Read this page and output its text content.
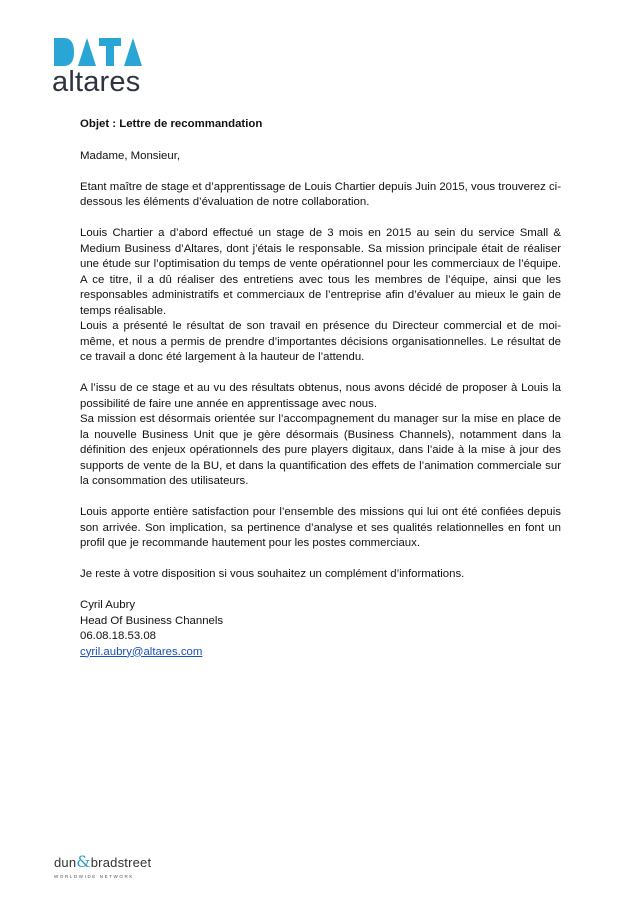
altares
Objet : Lettre de recommandation
Madame, Monsieur,
Etant maître de stage et d’apprentissage de Louis Chartier depuis Juin 2015, vous trouverez ci-dessous les éléments d’évaluation de notre collaboration.
Louis Chartier a d’abord effectué un stage de 3 mois en 2015 au sein du service Small & Medium Business d’Altares, dont j’étais le responsable. Sa mission principale était de réaliser une étude sur l’optimisation du temps de vente opérationnel pour les commerciaux de l’équipe. A ce titre, il a dû réaliser des entretiens avec tous les membres de l’équipe, ainsi que les responsables administratifs et commerciaux de l’entreprise afin d’évaluer au mieux le gain de temps réalisable.
Louis a présenté le résultat de son travail en présence du Directeur commercial et de moi-même, et nous a permis de prendre d’importantes décisions organisationnelles. Le résultat de ce travail a donc été largement à la hauteur de l’attendu.
A l’issu de ce stage et au vu des résultats obtenus, nous avons décidé de proposer à Louis la possibilité de faire une année en apprentissage avec nous.
Sa mission est désormais orientée sur l’accompagnement du manager sur la mise en place de la nouvelle Business Unit que je gère désormais (Business Channels), notamment dans la définition des enjeux opérationnels des pure players digitaux, dans l’aide à la mise à jour des supports de vente de la BU, et dans la quantification des effets de l’animation commerciale sur la consommation des utilisateurs.
Louis apporte entière satisfaction pour l’ensemble des missions qui lui ont été confiées depuis son arrivée. Son implication, sa pertinence d’analyse et ses qualités relationnelles en font un profil que je recommande hautement pour les postes commerciaux.
Je reste à votre disposition si vous souhaitez un complément d’informations.
Cyril Aubry
Head Of Business Channels
06.08.18.53.08
cyril.aubry@altares.com
dun&bradstreet
WORLDWIDE NETWORK
